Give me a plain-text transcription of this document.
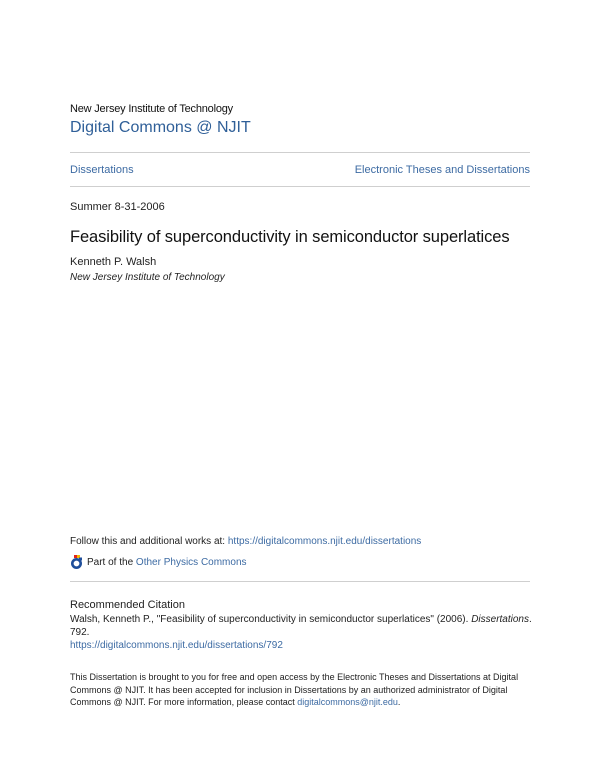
New Jersey Institute of Technology
Digital Commons @ NJIT
Dissertations	Electronic Theses and Dissertations
Summer 8-31-2006
Feasibility of superconductivity in semiconductor superlatices
Kenneth P. Walsh
New Jersey Institute of Technology
Follow this and additional works at: https://digitalcommons.njit.edu/dissertations
Part of the
Other Physics Commons
Recommended Citation
Walsh, Kenneth P., "Feasibility of superconductivity in semiconductor superlatices" (2006). Dissertations. 792.
https://digitalcommons.njit.edu/dissertations/792
This Dissertation is brought to you for free and open access by the Electronic Theses and Dissertations at Digital Commons @ NJIT. It has been accepted for inclusion in Dissertations by an authorized administrator of Digital Commons @ NJIT. For more information, please contact digitalcommons@njit.edu.
